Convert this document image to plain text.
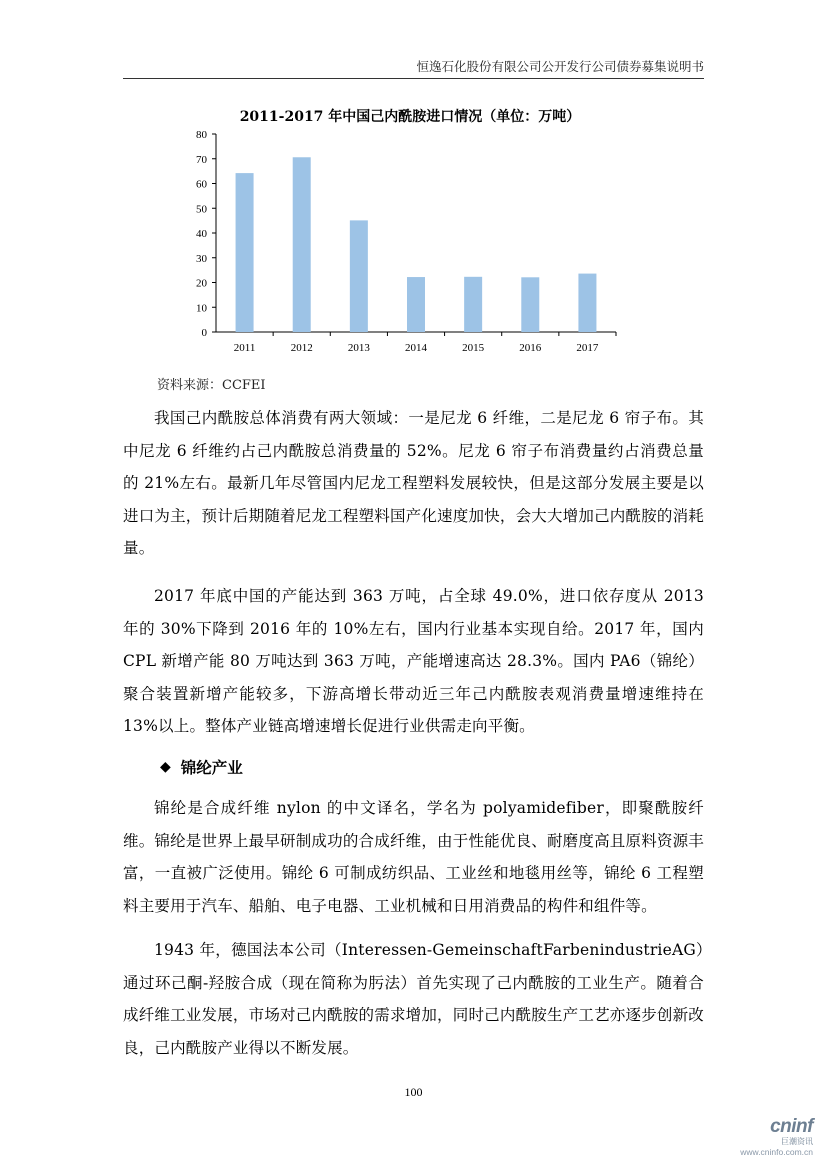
恒逸石化股份有限公司公开发行公司债券募集说明书
2011-2017 年中国己内酰胺进口情况（单位：万吨）
0
10
20
30
40
50
60
70
80
2011	2012	2013	2014	2015	2016	2017
资料来源：CCFEI

我国己内酰胺总体消费有两大领域：一是尼龙 6 纤维，二是尼龙 6 帘子布。其中尼龙 6 纤维约占己内酰胺总消费量的 52%。尼龙 6 帘子布消费量约占消费总量的 21%左右。最新几年尽管国内尼龙工程塑料发展较快，但是这部分发展主要是以进口为主，预计后期随着尼龙工程塑料国产化速度加快，会大大增加己内酰胺的消耗量。

2017 年底中国的产能达到 363 万吨，占全球 49.0%，进口依存度从 2013 年的 30%下降到 2016 年的 10%左右，国内行业基本实现自给。2017 年，国内 CPL 新增产能 80 万吨达到 363 万吨，产能增速高达 28.3%。国内 PA6（锦纶）聚合装置新增产能较多，下游高增长带动近三年己内酰胺表观消费量增速维持在 13%以上。整体产业链高增速增长促进行业供需走向平衡。

◆ 锦纶产业

锦纶是合成纤维 nylon 的中文译名，学名为 polyamidefiber，即聚酰胺纤维。锦纶是世界上最早研制成功的合成纤维，由于性能优良、耐磨度高且原料资源丰富，一直被广泛使用。锦纶 6 可制成纺织品、工业丝和地毯用丝等，锦纶 6 工程塑料主要用于汽车、船舶、电子电器、工业机械和日用消费品的构件和组件等。

1943 年，德国法本公司（Interessen-GemeinschaftFarbenindustrieAG）通过环己酮-羟胺合成（现在简称为肟法）首先实现了己内酰胺的工业生产。随着合成纤维工业发展，市场对己内酰胺的需求增加，同时己内酰胺生产工艺亦逐步创新改良，己内酰胺产业得以不断发展。

100
cninf
巨潮资讯
www.cninfo.com.cn
